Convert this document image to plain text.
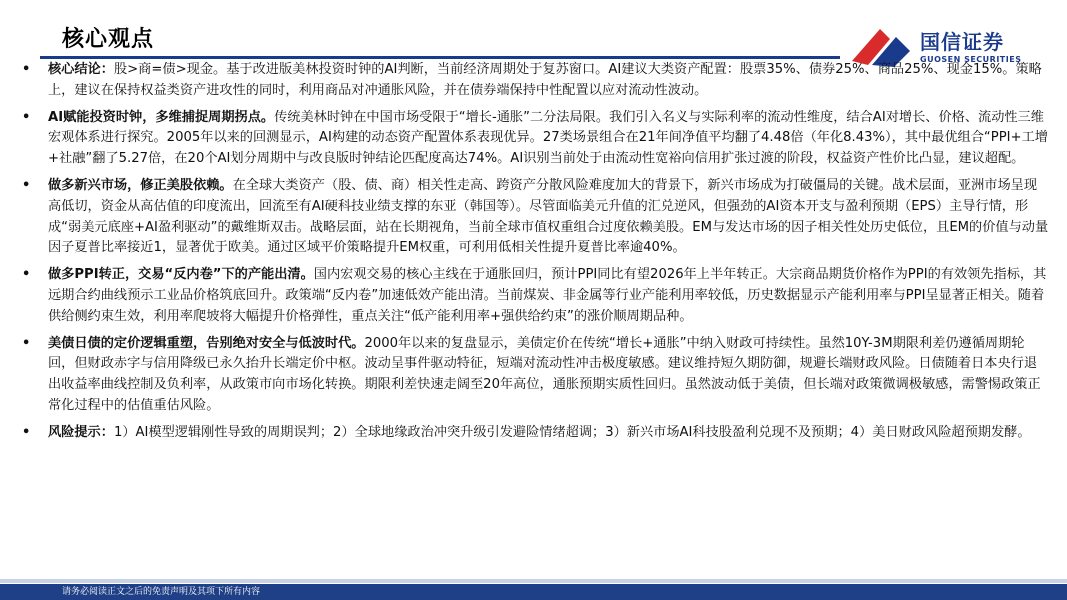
核心观点	国信证券
GUOSEN SECURITIES
• 核心结论：股>商=债>现金。基于改进版美林投资时钟的AI判断，当前经济周期处于复苏窗口。AI建议大类资产配置：股票35%、债券25%、商品25%、现金15%。策略上，建议在保持权益类资产进攻性的同时，利用商品对冲通胀风险，并在债券端保持中性配置以应对流动性波动。
• AI赋能投资时钟，多维捕捉周期拐点。传统美林时钟在中国市场受限于“增长-通胀”二分法局限。我们引入名义与实际利率的流动性维度，结合AI对增长、价格、流动性三维宏观体系进行探究。2005年以来的回测显示，AI构建的动态资产配置体系表现优异。27类场景组合在21年间净值平均翻了4.48倍（年化8.43%），其中最优组合“PPI+工增+社融”翻了5.27倍，在20个AI划分周期中与改良版时钟结论匹配度高达74%。AI识别当前处于由流动性宽裕向信用扩张过渡的阶段，权益资产性价比凸显，建议超配。
• 做多新兴市场，修正美股依赖。在全球大类资产（股、债、商）相关性走高、跨资产分散风险难度加大的背景下，新兴市场成为打破僵局的关键。战术层面，亚洲市场呈现高低切，资金从高估值的印度流出，回流至有AI硬科技业绩支撑的东亚（韩国等）。尽管面临美元升值的汇兑逆风，但强劲的AI资本开支与盈利预期（EPS）主导行情，形成“弱美元底座+AI盈利驱动”的戴维斯双击。战略层面，站在长期视角，当前全球市值权重组合过度依赖美股。EM与发达市场的因子相关性处历史低位，且EM的价值与动量因子夏普比率接近1，显著优于欧美。通过区域平价策略提升EM权重，可利用低相关性提升夏普比率逾40%。
• 做多PPI转正，交易“反内卷”下的产能出清。国内宏观交易的核心主线在于通胀回归，预计PPI同比有望2026年上半年转正。大宗商品期货价格作为PPI的有效领先指标，其远期合约曲线预示工业品价格筑底回升。政策端“反内卷”加速低效产能出清。当前煤炭、非金属等行业产能利用率较低，历史数据显示产能利用率与PPI呈显著正相关。随着供给侧约束生效，利用率爬坡将大幅提升价格弹性，重点关注“低产能利用率+强供给约束”的涨价顺周期品种。
• 美债日债的定价逻辑重塑，告别绝对安全与低波时代。2000年以来的复盘显示，美债定价在传统“增长+通胀”中纳入财政可持续性。虽然10Y-3M期限利差仍遵循周期轮回，但财政赤字与信用降级已永久抬升长端定价中枢。波动呈事件驱动特征，短端对流动性冲击极度敏感。建议维持短久期防御，规避长端财政风险。日债随着日本央行退出收益率曲线控制及负利率，从政策市向市场化转换。期限利差快速走阔至20年高位，通胀预期实质性回归。虽然波动低于美债，但长端对政策微调极敏感，需警惕政策正常化过程中的估值重估风险。
• 风险提示：1）AI模型逻辑刚性导致的周期误判；2）全球地缘政治冲突升级引发避险情绪超调；3）新兴市场AI科技股盈利兑现不及预期；4）美日财政风险超预期发酵。
请务必阅读正文之后的免责声明及其项下所有内容
